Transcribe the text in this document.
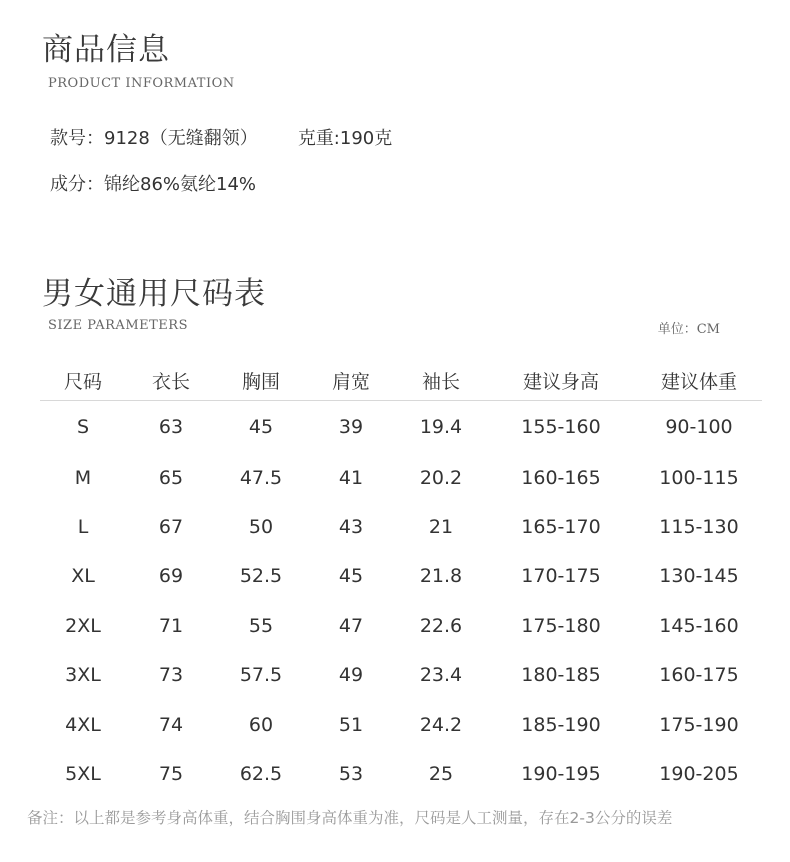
商品信息
PRODUCT INFORMATION
款号：9128（无缝翻领） 克重:190克
成分：锦纶86%氨纶14%
男女通用尺码表
SIZE PARAMETERS	单位：CM
尺码	衣长	胸围	肩宽	袖长	建议身高	建议体重
S	63	45	39	19.4	155-160	90-100
M	65	47.5	41	20.2	160-165	100-115
L	67	50	43	21	165-170	115-130
XL	69	52.5	45	21.8	170-175	130-145
2XL	71	55	47	22.6	175-180	145-160
3XL	73	57.5	49	23.4	180-185	160-175
4XL	74	60	51	24.2	185-190	175-190
5XL	75	62.5	53	25	190-195	190-205
备注：以上都是参考身高体重，结合胸围身高体重为准，尺码是人工测量，存在2-3公分的误差
